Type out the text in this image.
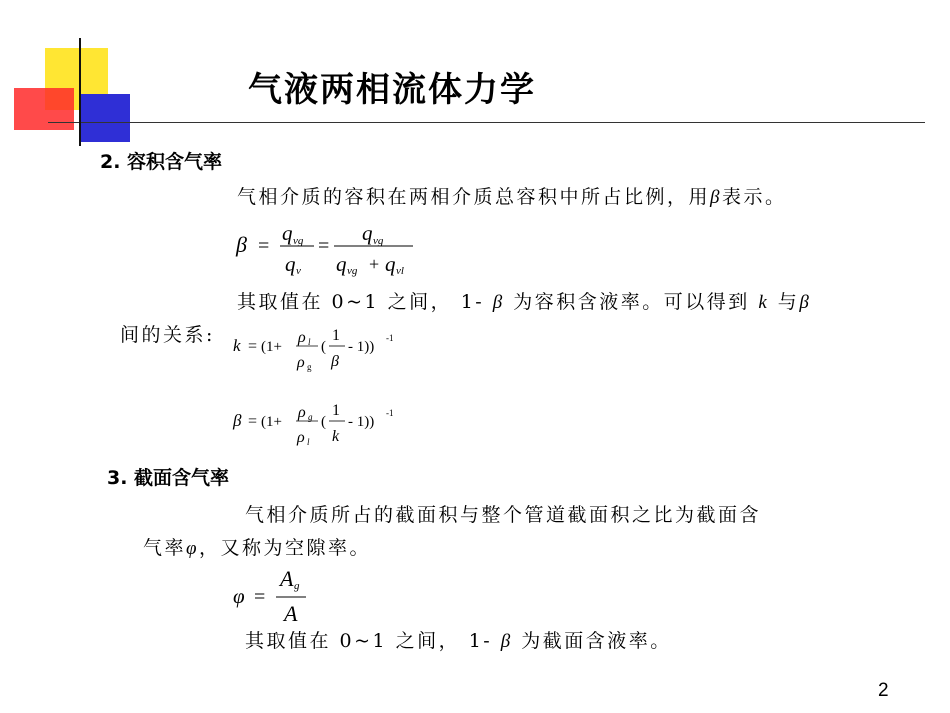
气液两相流体力学
2. 容积含气率
气相介质的容积在两相介质总容积中所占比例，用β表示。
β =
q vg
q v
=
q vg
q vg + q vl
其取值在 0~1 之间， 1- β 为容积含液率。可以得到 k 与β
间的关系: k = (1+
ρ l
ρ g
(
1
β
- 1))
-1
β = (1+
ρ g
ρ l
(
1
k
- 1))
-1
3. 截面含气率
气相介质所占的截面积与整个管道截面积之比为截面含
气率φ，又称为空隙率。
φ =
A g
A
其取值在 0~1 之间， 1- β 为截面含液率。
2
